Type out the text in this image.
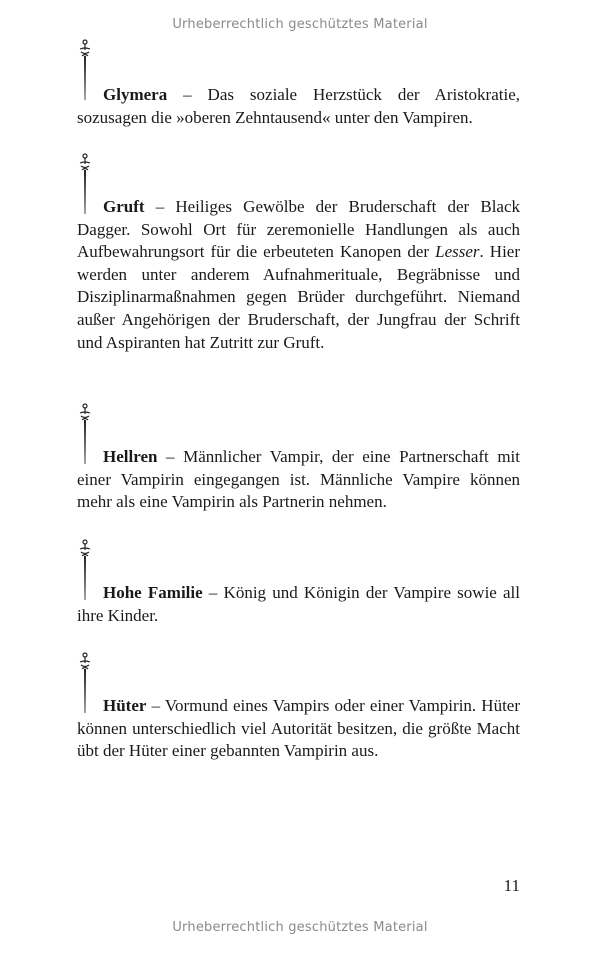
Urheberrechtlich geschütztes Material

Glymera – Das soziale Herzstück der Aristokratie, sozusagen die »oberen Zehntausend« unter den Vampiren.

Gruft – Heiliges Gewölbe der Bruderschaft der Black Dagger. Sowohl Ort für zeremonielle Handlungen als auch Aufbewahrungsort für die erbeuteten Kanopen der Lesser. Hier werden unter anderem Aufnahmerituale, Begräbnisse und Disziplinarmaßnahmen gegen Brüder durchgeführt. Niemand außer Angehörigen der Bruderschaft, der Jungfrau der Schrift und Aspiranten hat Zutritt zur Gruft.

Hellren – Männlicher Vampir, der eine Partnerschaft mit einer Vampirin eingegangen ist. Männliche Vampire können mehr als eine Vampirin als Partnerin nehmen.

Hohe Familie – König und Königin der Vampire sowie all ihre Kinder.

Hüter – Vormund eines Vampirs oder einer Vampirin. Hüter können unterschiedlich viel Autorität besitzen, die größte Macht übt der Hüter einer gebannten Vampirin aus.

11
Urheberrechtlich geschütztes Material
